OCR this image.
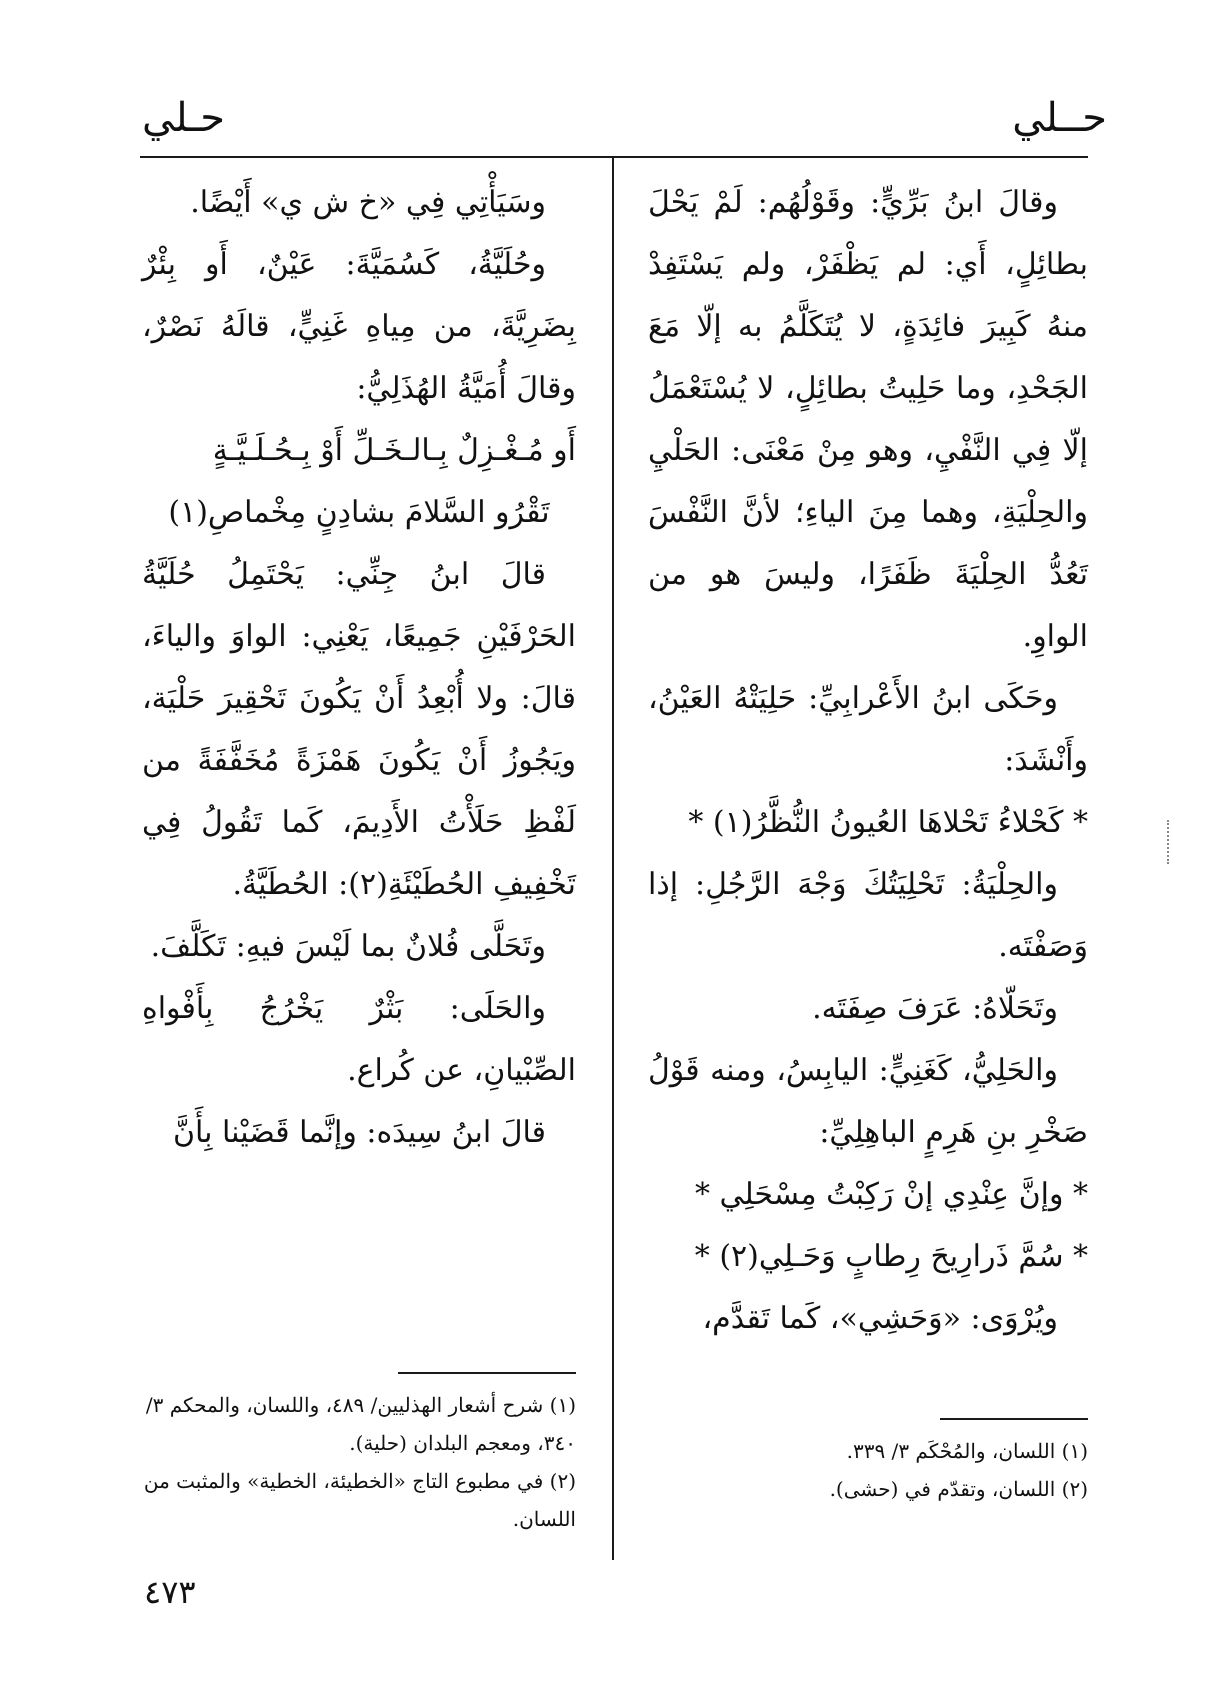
حــلي
حـلي

وقالَ ابنُ بَرِّيٍّ: وقَوْلُهُم: لَمْ يَحْلَ بطائِلٍ، أَي: لم يَظْفَرْ، ولم يَسْتَفِدْ منهُ كَبِيرَ فائِدَةٍ، لا يُتَكَلَّمُ به إلّا مَعَ الجَحْدِ، وما حَلِيتُ بطائِلٍ، لا يُسْتَعْمَلُ إلّا فِي النَّفْيِ، وهو مِنْ مَعْنَى: الحَلْيِ والحِلْيَةِ، وهما مِنَ الياءِ؛ لأنَّ النَّفْسَ تَعُدُّ الحِلْيَةَ ظَفَرًا، وليسَ هو من الواوِ.

وحَكَى ابنُ الأَعْرابِيِّ: حَلِيَتْهُ العَيْنُ، وأَنْشَدَ:

* كَحْلاءُ تَحْلاهَا العُيونُ النُّظَّرُ(١) *

والحِلْيَةُ: تَحْلِيَتُكَ وَجْهَ الرَّجُلِ: إذا وَصَفْتَه.

وتَحَلّاهُ: عَرَفَ صِفَتَه.

والحَلِيُّ، كَغَنِيٍّ: اليابِسُ، ومنه قَوْلُ صَخْرِ بنِ هَرِمٍ الباهِلِيِّ:

* وإنَّ عِنْدِي إنْ رَكِبْتُ مِسْحَلِي *

* سُمَّ ذَرارِيحَ رِطابٍ وَحَـلِي(٢) *

ويُرْوَى: «وَحَشِي»، كَما تَقدَّم،

وسَيَأْتِي فِي «خ ش ي» أَيْضًا.

وحُلَيَّةُ، كَسُمَيَّةَ: عَيْنٌ، أَو بِئْرٌ بِضَرِيَّةَ، من مِياهِ غَنِيٍّ، قالَهُ نَصْرٌ، وقالَ أُمَيَّةُ الهُذَلِيُّ:

أَو مُـغْـزِلٌ بِـالـخَـلِّ أَوْ بِـحُـلَـيَّـةٍ

تَقْرُو السَّلامَ بشادِنٍ مِخْماصِ(١)

قالَ ابنُ جِنِّي: يَحْتَمِلُ حُلَيَّةُ الحَرْفَيْنِ جَمِيعًا، يَعْنِي: الواوَ والياءَ، قالَ: ولا أُبْعِدُ أَنْ يَكُونَ تَحْقِيرَ حَلْيَة، ويَجُوزُ أَنْ يَكُونَ هَمْزَةً مُخَفَّفَةً من لَفْظِ حَلَأْتُ الأَدِيمَ، كَما تَقُولُ فِي تَخْفِيفِ الحُطَيْئَةِ(٢): الحُطَيَّةُ.

وتَحَلَّى فُلانٌ بما لَيْسَ فيهِ: تَكَلَّفَ.

والحَلَى: بَثْرٌ يَخْرُجُ بِأَفْواهِ الصِّبْيانِ، عن كُراع.

قالَ ابنُ سِيدَه: وإنَّما قَضَيْنا بِأَنَّ

(١) اللسان، والمُحْكَم ٣/ ٣٣٩.

(٢) اللسان، وتقدّم في (حشى).

(١) شرح أشعار الهذليين/ ٤٨٩، واللسان، والمحكم ٣/ ٣٤٠، ومعجم البلدان (حلية).

(٢) في مطبوع التاج «الخطيئة، الخطية» والمثبت من اللسان.

٤٧٣
